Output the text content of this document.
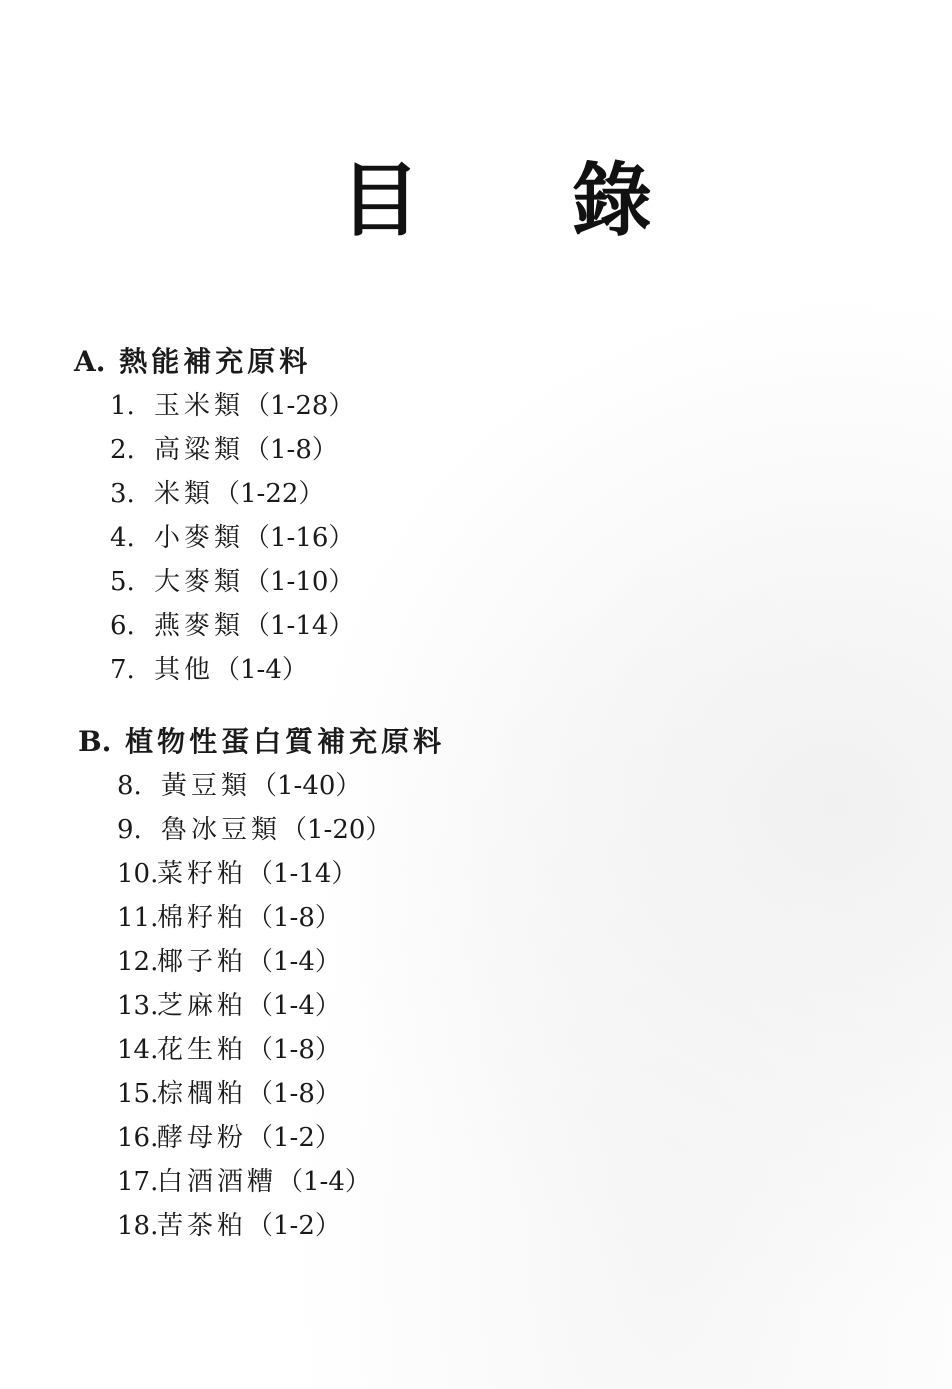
目 錄
A. 熱能補充原料
1. 玉米類（1-28）
2. 高粱類（1-8）
3. 米類（1-22）
4. 小麥類（1-16）
5. 大麥類（1-10）
6. 燕麥類（1-14）
7. 其他（1-4）
B. 植物性蛋白質補充原料
8. 黃豆類（1-40）
9. 魯冰豆類（1-20）
10.菜籽粕（1-14）
11.棉籽粕（1-8）
12.椰子粕（1-4）
13.芝麻粕（1-4）
14.花生粕（1-8）
15.棕櫚粕（1-8）
16.酵母粉（1-2）
17.白酒酒糟（1-4）
18.苦茶粕（1-2）
